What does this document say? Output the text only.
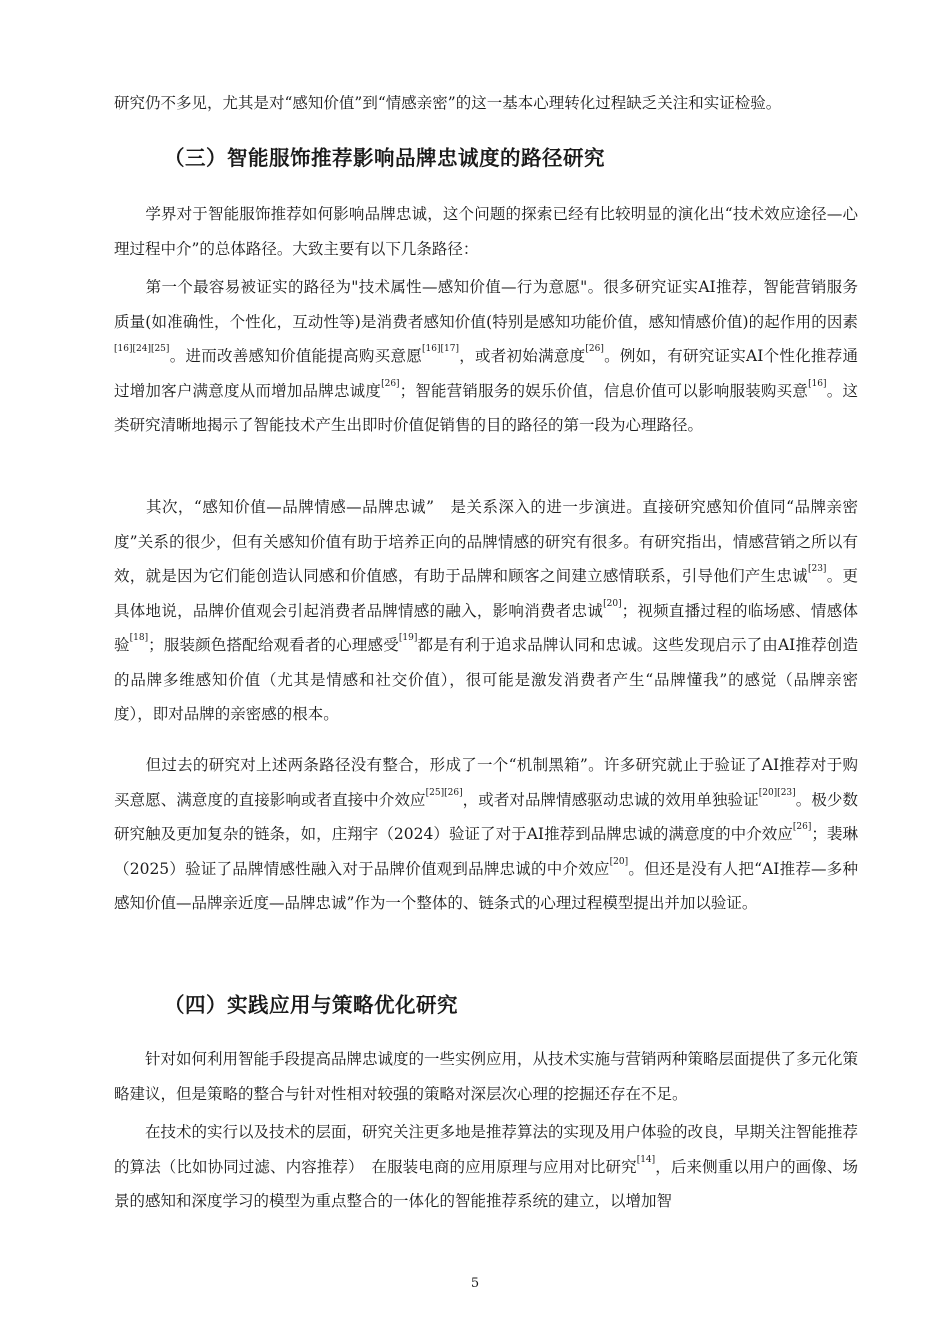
研究仍不多见，尤其是对“感知价值”到“情感亲密”的这一基本心理转化过程缺乏关注和实证检验。

（三）智能服饰推荐影响品牌忠诚度的路径研究

　　学界对于智能服饰推荐如何影响品牌忠诚，这个问题的探索已经有比较明显的演化出“技术效应途径—心理过程中介”的总体路径。大致主要有以下几条路径：

　　第一个最容易被证实的路径为"技术属性—感知价值—行为意愿"。很多研究证实AI推荐，智能营销服务质量(如准确性，个性化，互动性等)是消费者感知价值(特别是感知功能价值，感知情感价值)的起作用的因素[16][24][25]。进而改善感知价值能提高购买意愿[16][17]，或者初始满意度[26]。例如，有研究证实AI个性化推荐通过增加客户满意度从而增加品牌忠诚度[26]；智能营销服务的娱乐价值，信息价值可以影响服装购买意[16]。这类研究清晰地揭示了智能技术产生出即时价值促销售的目的路径的第一段为心理路径。

　　其次，“感知价值—品牌情感—品牌忠诚”　是关系深入的进一步演进。直接研究感知价值同“品牌亲密度”关系的很少，但有关感知价值有助于培养正向的品牌情感的研究有很多。有研究指出，情感营销之所以有效，就是因为它们能创造认同感和价值感，有助于品牌和顾客之间建立感情联系，引导他们产生忠诚[23]。更具体地说，品牌价值观会引起消费者品牌情感的融入，影响消费者忠诚[20]；视频直播过程的临场感、情感体验[18]；服装颜色搭配给观看者的心理感受[19]都是有利于追求品牌认同和忠诚。这些发现启示了由AI推荐创造的品牌多维感知价值（尤其是情感和社交价值），很可能是激发消费者产生“品牌懂我”的感觉（品牌亲密度），即对品牌的亲密感的根本。

　　但过去的研究对上述两条路径没有整合，形成了一个“机制黑箱”。许多研究就止于验证了AI推荐对于购买意愿、满意度的直接影响或者直接中介效应[25][26]，或者对品牌情感驱动忠诚的效用单独验证[20][23]。极少数研究触及更加复杂的链条，如，庄翔宇（2024）验证了对于AI推荐到品牌忠诚的满意度的中介效应[26]；裴琳（2025）验证了品牌情感性融入对于品牌价值观到品牌忠诚的中介效应[20]。但还是没有人把“AI推荐—多种感知价值—品牌亲近度—品牌忠诚”作为一个整体的、链条式的心理过程模型提出并加以验证。

（四）实践应用与策略优化研究

　　针对如何利用智能手段提高品牌忠诚度的一些实例应用，从技术实施与营销两种策略层面提供了多元化策略建议，但是策略的整合与针对性相对较强的策略对深层次心理的挖掘还存在不足。

　　在技术的实行以及技术的层面，研究关注更多地是推荐算法的实现及用户体验的改良，早期关注智能推荐的算法（比如协同过滤、内容推荐）　在服装电商的应用原理与应用对比研究[14]，后来侧重以用户的画像、场景的感知和深度学习的模型为重点整合的一体化的智能推荐系统的建立，以增加智

5
